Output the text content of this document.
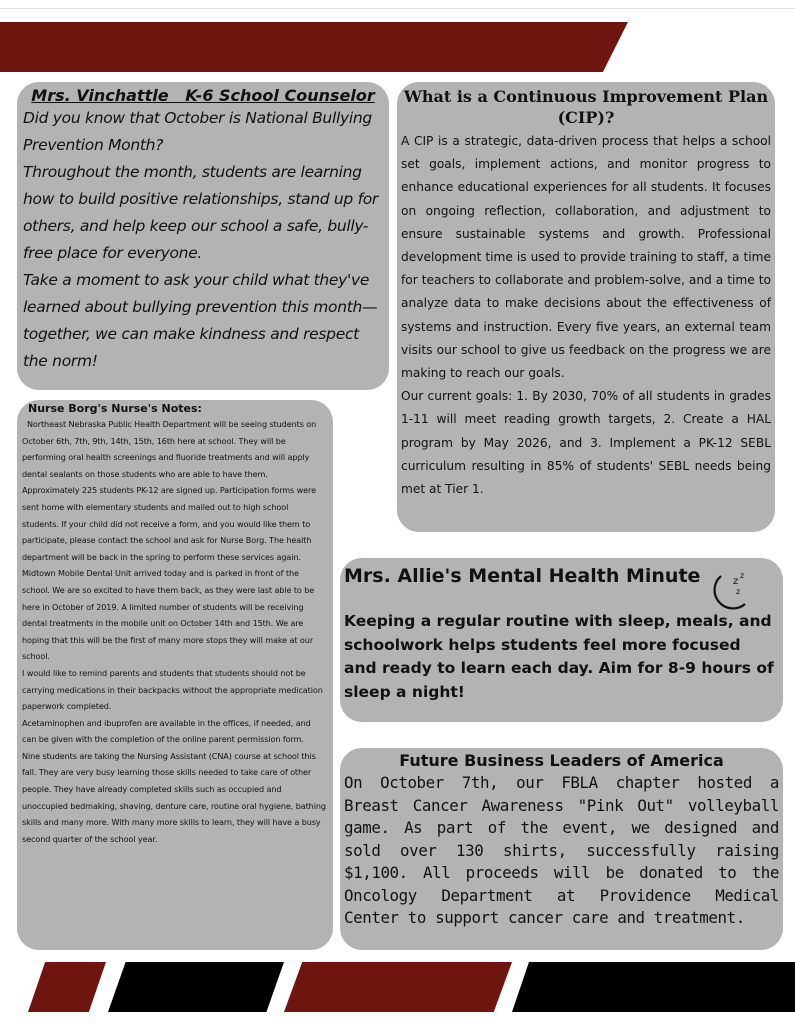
Mrs. Vinchattle   K-6 School Counselor

Did you know that October is National Bullying Prevention Month?

Throughout the month, students are learning how to build positive relationships, stand up for others, and help keep our school a safe, bully-free place for everyone.

Take a moment to ask your child what they've learned about bullying prevention this month—together, we can make kindness and respect the norm!

What is a Continuous Improvement Plan (CIP)?

A CIP is a strategic, data-driven process that helps a school set goals, implement actions, and monitor progress to enhance educational experiences for all students. It focuses on ongoing reflection, collaboration, and adjustment to ensure sustainable systems and growth. Professional development time is used to provide training to staff, a time for teachers to collaborate and problem-solve, and a time to analyze data to make decisions about the effectiveness of systems and instruction. Every five years, an external team visits our school to give us feedback on the progress we are making to reach our goals.

Our current goals: 1. By 2030, 70% of all students in grades 1-11 will meet reading growth targets, 2. Create a HAL program by May 2026, and 3. Implement a PK-12 SEBL curriculum resulting in 85% of students' SEBL needs being met at Tier 1.

Nurse Borg's Nurse's Notes:

Northeast Nebraska Public Health Department will be seeing students on October 6th, 7th, 9th, 14th, 15th, 16th here at school. They will be performing oral health screenings and fluoride treatments and will apply dental sealants on those students who are able to have them. Approximately 225 students PK-12 are signed up. Participation forms were sent home with elementary students and mailed out to high school students. If your child did not receive a form, and you would like them to participate, please contact the school and ask for Nurse Borg. The health department will be back in the spring to perform these services again.

Midtown Mobile Dental Unit arrived today and is parked in front of the school. We are so excited to have them back, as they were last able to be here in October of 2019. A limited number of students will be receiving dental treatments in the mobile unit on October 14th and 15th. We are hoping that this will be the first of many more stops they will make at our school.

I would like to remind parents and students that students should not be carrying medications in their backpacks without the appropriate medication paperwork completed.

Acetaminophen and ibuprofen are available in the offices, if needed, and can be given with the completion of the online parent permission form.

Nine students are taking the Nursing Assistant (CNA) course at school this fall. They are very busy learning those skills needed to take care of other people. They have already completed skills such as occupied and unoccupied bedmaking, shaving, denture care, routine oral hygiene, bathing skills and many more. With many more skills to learn, they will have a busy second quarter of the school year.

Mrs. Allie's Mental Health Minute	z
z
z

Keeping a regular routine with sleep, meals, and schoolwork helps students feel more focused and ready to learn each day. Aim for 8-9 hours of sleep a night!

Future Business Leaders of America

On October 7th, our FBLA chapter hosted a Breast Cancer Awareness "Pink Out" volleyball game. As part of the event, we designed and sold over 130 shirts, successfully raising $1,100. All proceeds will be donated to the Oncology Department at Providence Medical Center to support cancer care and treatment.
